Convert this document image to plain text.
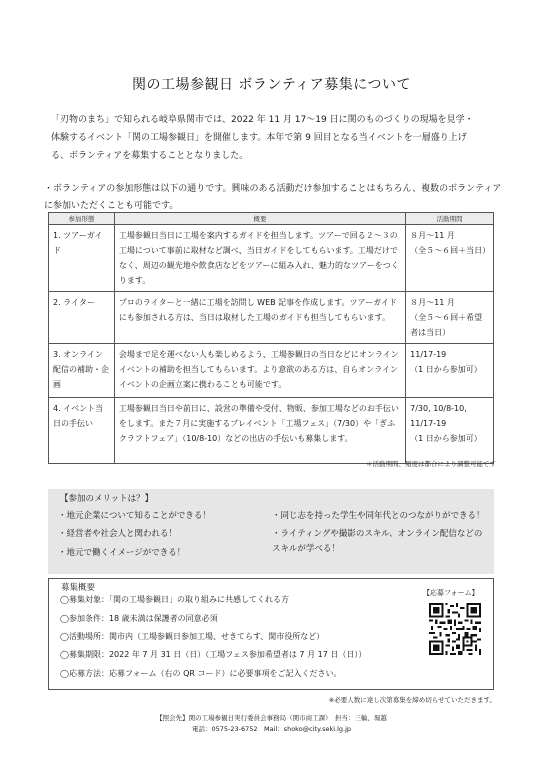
関の工場参観日 ボランティア募集について

「刃物のまち」で知られる岐阜県関市では、2022 年 11 月 17〜19 日に関のものづくりの現場を見学・

体験するイベント「関の工場参観日」を開催します。本年で第 9 回目となる当イベントを一層盛り上げ

る、ボランティアを募集することとなりました。

・ボランティアの参加形態は以下の通りです。興味のある活動だけ参加することはもちろん、複数のボランティアに参加いただくことも可能です。
参加形態	概要	活動期間
1. ツアーガイド	工場参観日当日に工場を案内するガイドを担当します。ツアーで回る２〜３の工場について事前に取材など調べ、当日ガイドをしてもらいます。工場だけでなく、周辺の観光地や飲食店などをツアーに組み入れ、魅力的なツアーをつくります。	８月〜11 月
（全５〜６回＋当日）
2. ライター	プロのライターと一緒に工場を訪問し WEB 記事を作成します。ツアーガイドにも参加される方は、当日は取材した工場のガイドも担当してもらいます。	８月〜11 月
（全５〜６回＋希望者は当日）
3. オンライン配信の補助・企画	会場まで足を運べない人も楽しめるよう、工場参観日の当日などにオンラインイベントの補助を担当してもらいます。より意欲のある方は、自らオンラインイベントの企画立案に携わることも可能です。	11/17-19
（1 日から参加可）
4. イベント当日の手伝い	工場参観日当日や前日に、設営の準備や受付、物販、参加工場などのお手伝いをします。また７月に実施するプレイベント「工場フェス」（7/30）や「ぎふクラフトフェア」（10/8-10）などの出店の手伝いも募集します。	7/30, 10/8-10,
11/17-19
（1 日から参加可）
＊活動期間、頻度は都合により調整可能です
【参加のメリットは？】
・地元企業について知ることができる！
・経営者や社会人と関われる！
・地元で働くイメージができる！
・同じ志を持った学生や同年代とのつながりができる！
・ライティングや撮影のスキル、オンライン配信などのスキルが学べる！
募集概要
◯募集対象：「関の工場参観日」の取り組みに共感してくれる方
◯参加条件：18 歳未満は保護者の同意必須
◯活動場所：関市内（工場参観日参加工場、せきてらす、関市役所など）
◯募集期限：2022 年 7 月 31 日（日）（工場フェス参加希望者は 7 月 17 日（日））
◯応募方法：応募フォーム（右の QR コード）に必要事項をご記入ください。
【応募フォーム】
※必要人数に達し次第募集を締め切らせていただきます。
【照会先】関の工場参観日実行委員会事務局（関市商工課）　担当：三輪、堀越
電話：0575-23-6752　Mail：shoko@city.seki.lg.jp
